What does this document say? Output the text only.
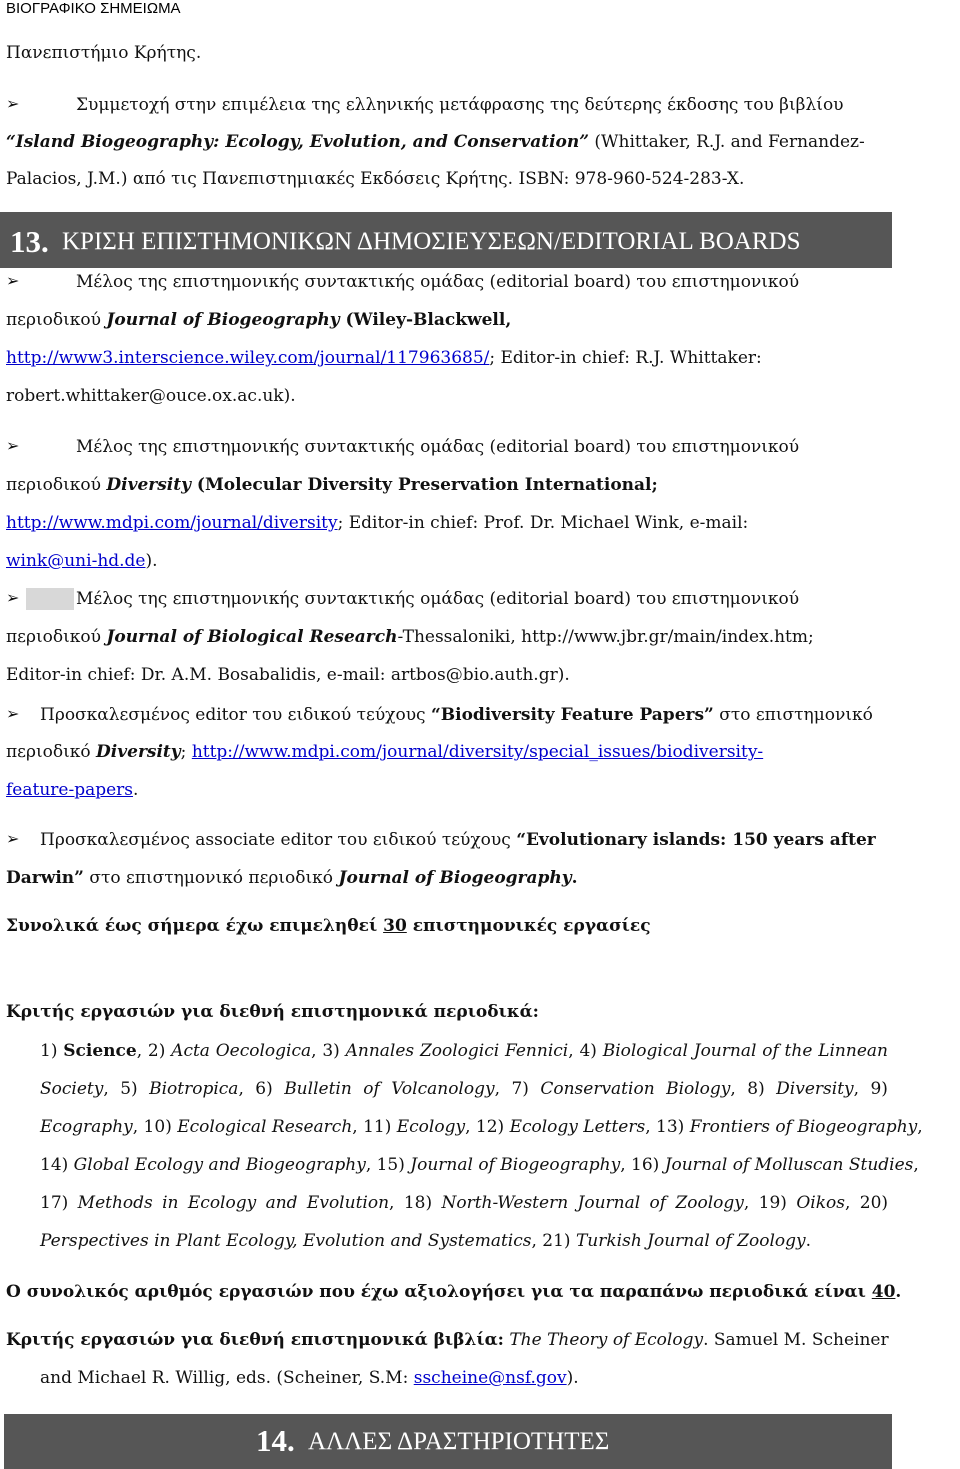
ΒΙΟΓΡΑΦΙΚΟ ΣΗΜΕΙΩΜΑ
Πανεπιστήμιο Κρήτης.
➢	Συμμετοχή στην επιμέλεια της ελληνικής μετάφρασης της δεύτερης έκδοσης του βιβλίου
“Island Biogeography: Ecology, Evolution, and Conservation” (Whittaker, R.J. and Fernandez-
Palacios, J.M.) από τις Πανεπιστημιακές Εκδόσεις Κρήτης. ISBN: 978-960-524-283-X.
13. ΚΡΙΣΗ ΕΠΙΣΤΗΜΟΝΙΚΩΝ ΔΗΜΟΣΙΕΥΣΕΩΝ/EDITORIAL BOARDS
➢	Μέλος της επιστημονικής συντακτικής ομάδας (editorial board) του επιστημονικού
περιοδικού Journal of Biogeography (Wiley-Blackwell,
http://www3.interscience.wiley.com/journal/117963685/; Editor-in chief: R.J. Whittaker:
robert.whittaker@ouce.ox.ac.uk).
➢	Μέλος της επιστημονικής συντακτικής ομάδας (editorial board) του επιστημονικού
περιοδικού Diversity (Molecular Diversity Preservation International;
http://www.mdpi.com/journal/diversity; Editor-in chief: Prof. Dr. Michael Wink, e-mail:
wink@uni-hd.de).
➢	Μέλος της επιστημονικής συντακτικής ομάδας (editorial board) του επιστημονικού
περιοδικού Journal of Biological Research-Thessaloniki, http://www.jbr.gr/main/index.htm;
Editor-in chief: Dr. A.M. Bosabalidis, e-mail: artbos@bio.auth.gr).
➢ Προσκαλεσμένος editor του ειδικού τεύχους “Biodiversity Feature Papers” στο επιστημονικό
περιοδικό Diversity; http://www.mdpi.com/journal/diversity/special_issues/biodiversity-
feature-papers.
➢ Προσκαλεσμένος associate editor του ειδικού τεύχους “Evolutionary islands: 150 years after
Darwin” στο επιστημονικό περιοδικό Journal of Biogeography.
Συνολικά έως σήμερα έχω επιμεληθεί 30 επιστημονικές εργασίες
Κριτής εργασιών για διεθνή επιστημονικά περιοδικά:
1) Science, 2) Acta Oecologica, 3) Annales Zoologici Fennici, 4) Biological Journal of the Linnean
Society, 5) Biotropica, 6) Bulletin of Volcanology, 7) Conservation Biology, 8) Diversity, 9)
Ecography, 10) Ecological Research, 11) Ecology, 12) Ecology Letters, 13) Frontiers of Biogeography,
14) Global Ecology and Biogeography, 15) Journal of Biogeography, 16) Journal of Molluscan Studies,
17) Methods in Ecology and Evolution, 18) North-Western Journal of Zoology, 19) Oikos, 20)
Perspectives in Plant Ecology, Evolution and Systematics, 21) Turkish Journal of Zoology.
Ο συνολικός αριθμός εργασιών που έχω αξιολογήσει για τα παραπάνω περιοδικά είναι 40.
Κριτής εργασιών για διεθνή επιστημονικά βιβλία: The Theory of Ecology. Samuel M. Scheiner
and Michael R. Willig, eds. (Scheiner, S.M: sscheine@nsf.gov).
14. ΑΛΛΕΣ ΔΡΑΣΤΗΡΙΟΤΗΤΕΣ
